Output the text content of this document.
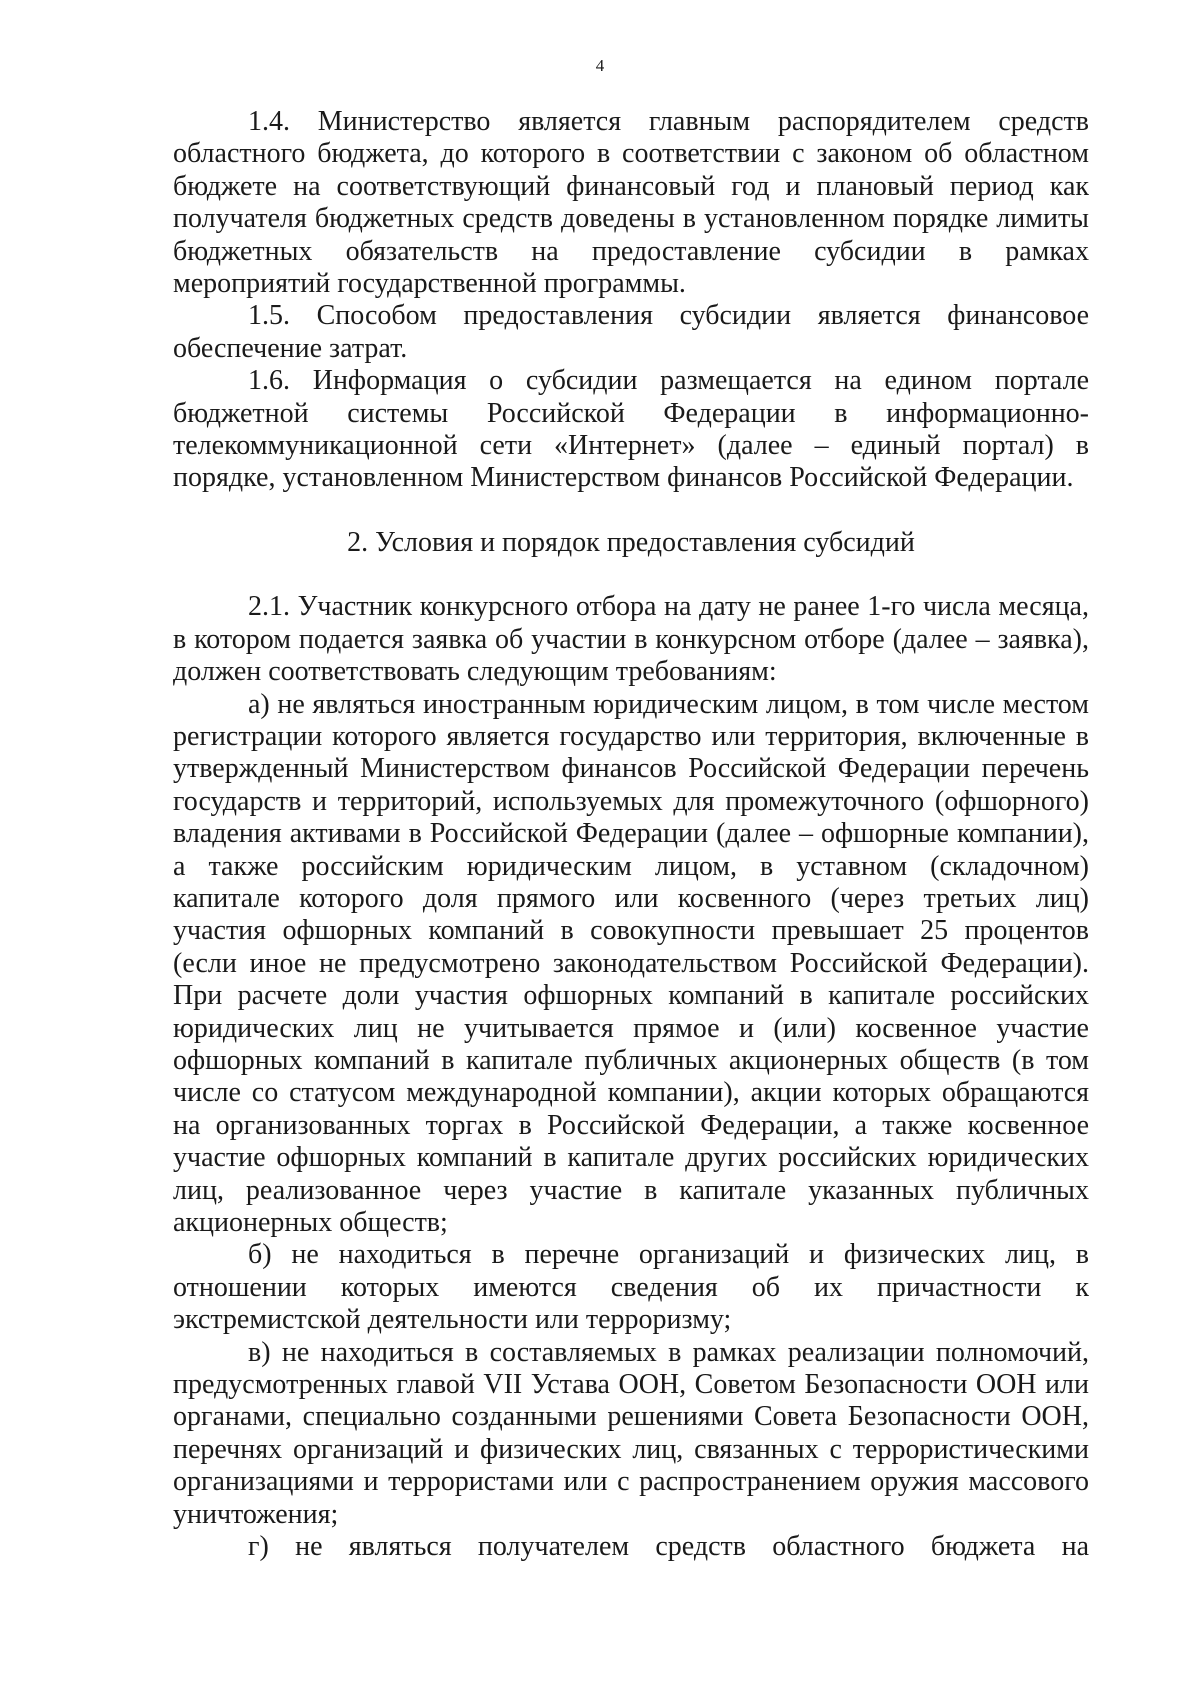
4

1.4. Министерство является главным распорядителем средств областного бюджета, до которого в соответствии с законом об областном бюджете на соответствующий финансовый год и плановый период как получателя бюджетных средств доведены в установленном порядке лимиты бюджетных обязательств на предоставление субсидии в рамках мероприятий государственной программы.

1.5. Способом предоставления субсидии является финансовое обеспечение затрат.

1.6. Информация о субсидии размещается на едином портале бюджетной системы Российской Федерации в информационно-телекоммуникационной сети «Интернет» (далее – единый портал) в порядке, установленном Министерством финансов Российской Федерации.

2. Условия и порядок предоставления субсидий

2.1. Участник конкурсного отбора на дату не ранее 1-го числа месяца, в котором подается заявка об участии в конкурсном отборе (далее – заявка), должен соответствовать следующим требованиям:

а) не являться иностранным юридическим лицом, в том числе местом регистрации которого является государство или территория, включенные в утвержденный Министерством финансов Российской Федерации перечень государств и территорий, используемых для промежуточного (офшорного) владения активами в Российской Федерации (далее – офшорные компании), а также российским юридическим лицом, в уставном (складочном) капитале которого доля прямого или косвенного (через третьих лиц) участия офшорных компаний в совокупности превышает 25 процентов (если иное не предусмотрено законодательством Российской Федерации). При расчете доли участия офшорных компаний в капитале российских юридических лиц не учитывается прямое и (или) косвенное участие офшорных компаний в капитале публичных акционерных обществ (в том числе со статусом международной компании), акции которых обращаются на организованных торгах в Российской Федерации, а также косвенное участие офшорных компаний в капитале других российских юридических лиц, реализованное через участие в капитале указанных публичных акционерных обществ;

б) не находиться в перечне организаций и физических лиц, в отношении которых имеются сведения об их причастности к экстремистской деятельности или терроризму;

в) не находиться в составляемых в рамках реализации полномочий, предусмотренных главой VII Устава ООН, Советом Безопасности ООН или органами, специально созданными решениями Совета Безопасности ООН, перечнях организаций и физических лиц, связанных с террористическими организациями и террористами или с распространением оружия массового уничтожения;

г) не являться получателем средств областного бюджета на
